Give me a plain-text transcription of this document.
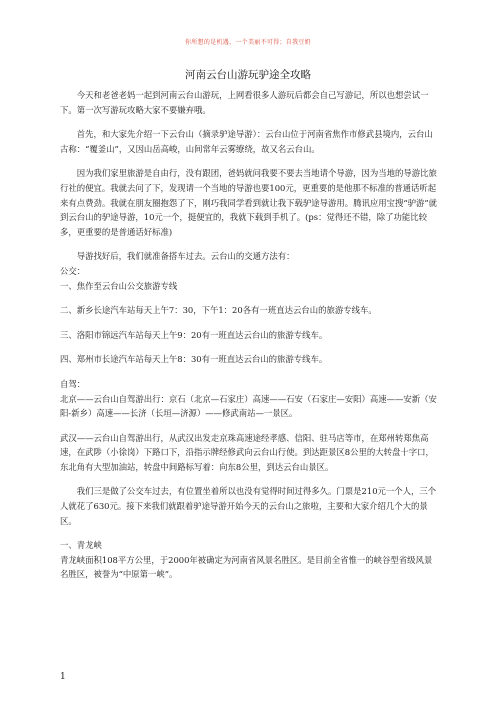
你所想的是机遇，一个美丽不可得；自我豆奶
河南云台山游玩驴途全攻略

今天和老爸老妈一起到河南云台山游玩，上网看很多人游玩后都会自己写游记，所以也想尝试一下。第一次写游玩攻略大家不要嫌弃哦。

首先，和大家先介绍一下云台山（摘录驴途导游）：云台山位于河南省焦作市修武县境内，云台山古称：“覆釜山”，又因山岳高峻，山间常年云雾缭绕，故又名云台山。

因为我们家里旅游是自由行，没有跟团，爸妈就问我要不要去当地请个导游，因为当地的导游比旅行社的便宜。我就去问了下，发现请一个当地的导游也要100元，更重要的是他那不标准的普通话听起来有点费劲。我就在朋友圈抱怨了下，刚巧我同学看到就让我下载驴途导游用。腾讯应用宝搜“驴游”就到云台山的驴途导游，10元一个，挺便宜的，我就下载到手机了。(ps：觉得还不错，除了功能比较多，更重要的是普通话好标准)

导游找好后，我们就准备搭车过去。云台山的交通方法有：

公交：

一、焦作至云台山公交旅游专线

二、新乡长途汽车站每天上午7：30，下午1：20各有一班直达云台山的旅游专线车。

三、洛阳市锦远汽车站每天上午9：20有一班直达云台山的旅游专线车。

四、郑州市长途汽车站每天上午8：30有一班直达云台山的旅游专线车。

自驾：

北京——云台山自驾游出行：京石（北京—石家庄）高速——石安（石家庄—安阳）高速——安新（安阳-新乡）高速——长济（长垣—济源）——修武南站—一景区。

武汉——云台山自驾游出行，从武汉出发走京珠高速途经孝感、信阳、驻马店等市，在郑州转郑焦高速，在武陟（小徐岗）下路口下，沿指示牌经修武向云台山行使。到达距景区8公里的大转盘十字口，东北角有大型加油站，转盘中间路标写着：向东8公里，到达云台山景区。

我们三是做了公交车过去，有位置坐着所以也没有觉得时间过得多久。门票是210元一个人，三个人就花了630元。接下来我们就跟着驴途导游开始今天的云台山之旅啦，主要和大家介绍几个大的景区。

一、青龙峡

青龙峡面积108平方公里，于2000年被确定为河南省风景名胜区。是目前全省惟一的峡谷型省级风景名胜区，被誉为“中原第一峡”。

1
